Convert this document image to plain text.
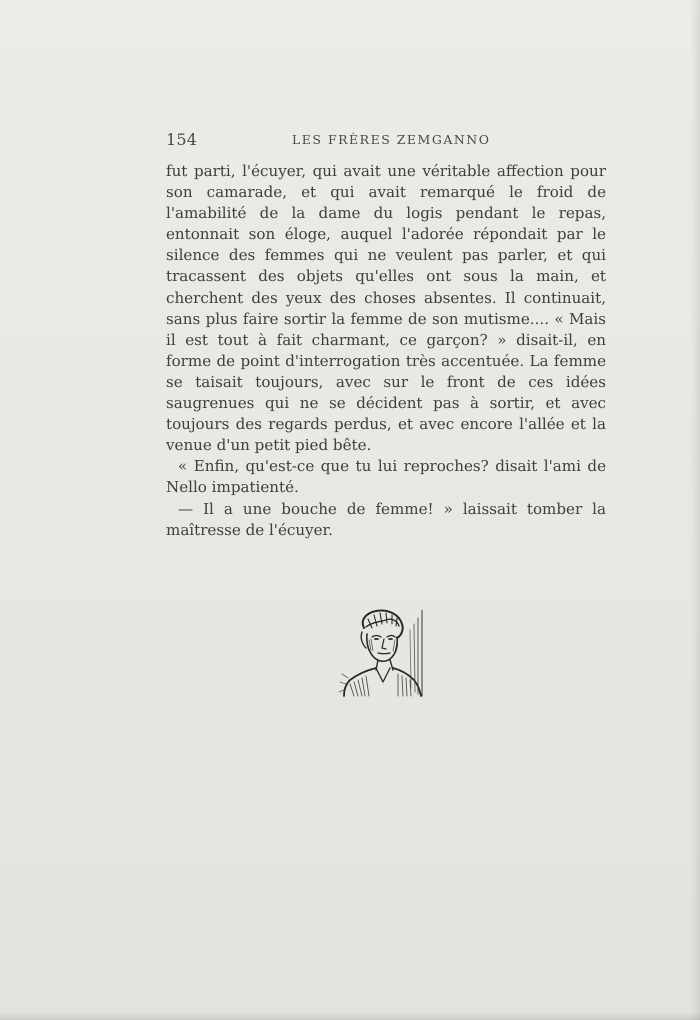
154	LES FRÈRES ZEMGANNO

fut parti, l'écuyer, qui avait une véritable affection pour son camarade, et qui avait remarqué le froid de l'amabilité de la dame du logis pendant le repas, entonnait son éloge, auquel l'adorée répondait par le silence des femmes qui ne veulent pas parler, et qui tracassent des objets qu'elles ont sous la main, et cherchent des yeux des choses absentes. Il continuait, sans plus faire sortir la femme de son mutisme.... « Mais il est tout à fait charmant, ce garçon? » disait-il, en forme de point d'interrogation très accentuée. La femme se taisait toujours, avec sur le front de ces idées saugrenues qui ne se décident pas à sortir, et avec toujours des regards perdus, et avec encore l'allée et la venue d'un petit pied bête.

« Enfin, qu'est-ce que tu lui reproches? disait l'ami de Nello impatienté.

— Il a une bouche de femme! » laissait tomber la maîtresse de l'écuyer.
